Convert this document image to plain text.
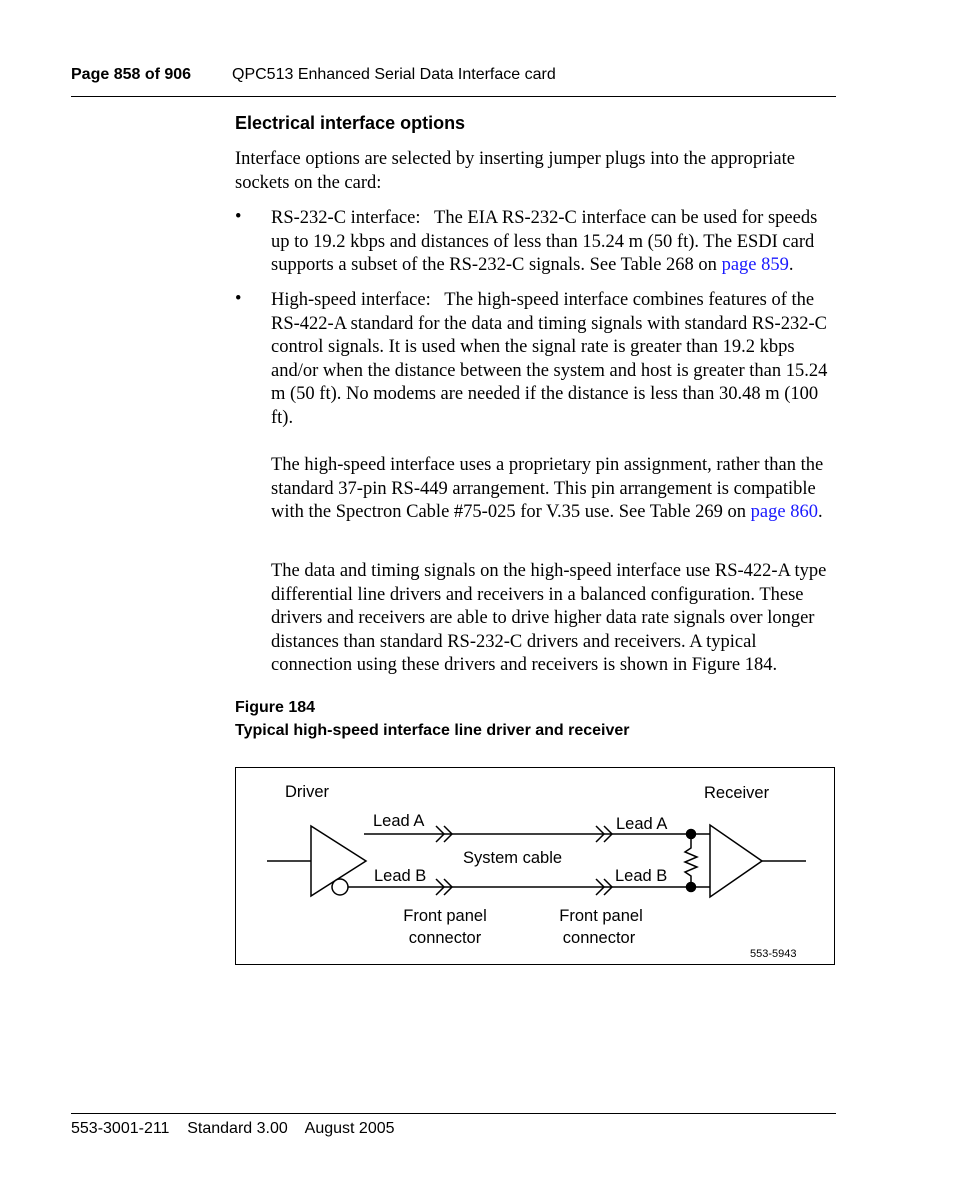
Page 858 of 906	QPC513 Enhanced Serial Data Interface card
Electrical interface options

Interface options are selected by inserting jumper plugs into the appropriate sockets on the card:

• RS-232-C interface:   The EIA RS-232-C interface can be used for speeds up to 19.2 kbps and distances of less than 15.24 m (50 ft). The ESDI card supports a subset of the RS-232-C signals. See Table 268 on page 859.

• High-speed interface:   The high-speed interface combines features of the RS-422-A standard for the data and timing signals with standard RS-232-C control signals. It is used when the signal rate is greater than 19.2 kbps and/or when the distance between the system and host is greater than 15.24 m (50 ft). No modems are needed if the distance is less than 30.48 m (100 ft).

The high-speed interface uses a proprietary pin assignment, rather than the standard 37-pin RS-449 arrangement. This pin arrangement is compatible with the Spectron Cable #75-025 for V.35 use. See Table 269 on page 860.

The data and timing signals on the high-speed interface use RS-422-A type differential line drivers and receivers in a balanced configuration. These drivers and receivers are able to drive higher data rate signals over longer distances than standard RS-232-C drivers and receivers. A typical connection using these drivers and receivers is shown in Figure 184.

Figure 184
Typical high-speed interface line driver and receiver
Driver	Receiver
Lead A
Lead B
Lead A
Lead B
System cable
Front panel
connector
Front panel
connector
553-5943
553-3001-211 Standard 3.00 August 2005
